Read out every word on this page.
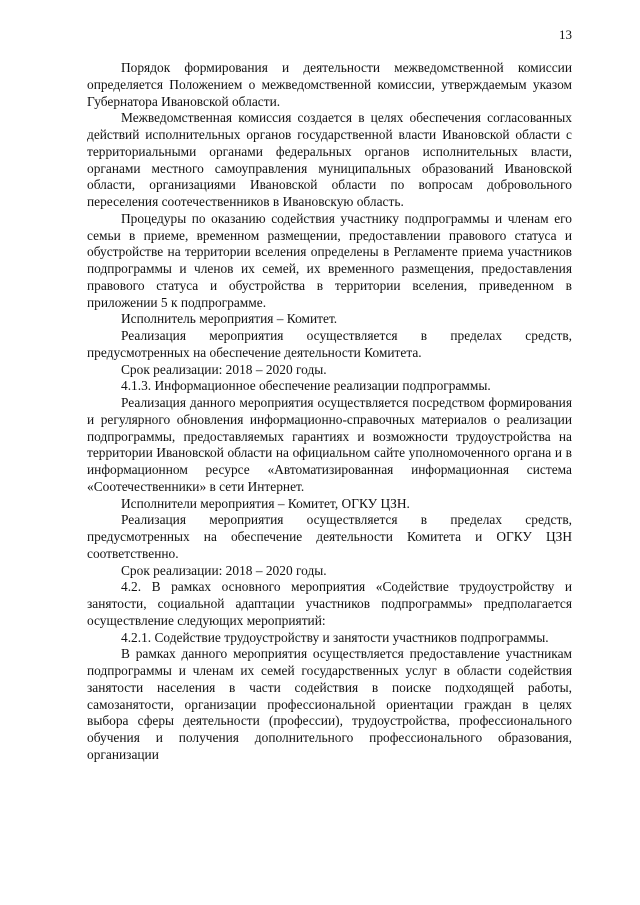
13

Порядок формирования и деятельности межведомственной комиссии определяется Положением о межведомственной комиссии, утверждаемым указом Губернатора Ивановской области.

Межведомственная комиссия создается в целях обеспечения согласованных действий исполнительных органов государственной власти Ивановской области с территориальными органами федеральных органов исполнительных власти, органами местного самоуправления муниципальных образований Ивановской области, организациями Ивановской области по вопросам добровольного переселения соотечественников в Ивановскую область.

Процедуры по оказанию содействия участнику подпрограммы и членам его семьи в приеме, временном размещении, предоставлении правового статуса и обустройстве на территории вселения определены в Регламенте приема участников подпрограммы и членов их семей, их временного размещения, предоставления правового статуса и обустройства в территории вселения, приведенном в приложении 5 к подпрограмме.

Исполнитель мероприятия – Комитет.

Реализация мероприятия осуществляется в пределах средств, предусмотренных на обеспечение деятельности Комитета.

Срок реализации: 2018 – 2020 годы.

4.1.3. Информационное обеспечение реализации подпрограммы.

Реализация данного мероприятия осуществляется посредством формирования и регулярного обновления информационно-справочных материалов о реализации подпрограммы, предоставляемых гарантиях и возможности трудоустройства на территории Ивановской области на официальном сайте уполномоченного органа и в информационном ресурсе «Автоматизированная информационная система «Соотечественники» в сети Интернет.

Исполнители мероприятия – Комитет, ОГКУ ЦЗН.

Реализация мероприятия осуществляется в пределах средств, предусмотренных на обеспечение деятельности Комитета и ОГКУ ЦЗН соответственно.

Срок реализации: 2018 – 2020 годы.

4.2. В рамках основного мероприятия «Содействие трудоустройству и занятости, социальной адаптации участников подпрограммы» предполагается осуществление следующих мероприятий:

4.2.1. Содействие трудоустройству и занятости участников подпрограммы.

В рамках данного мероприятия осуществляется предоставление участникам подпрограммы и членам их семей государственных услуг в области содействия занятости населения в части содействия в поиске подходящей работы, самозанятости, организации профессиональной ориентации граждан в целях выбора сферы деятельности (профессии), трудоустройства, профессионального обучения и получения дополнительного профессионального образования, организации
